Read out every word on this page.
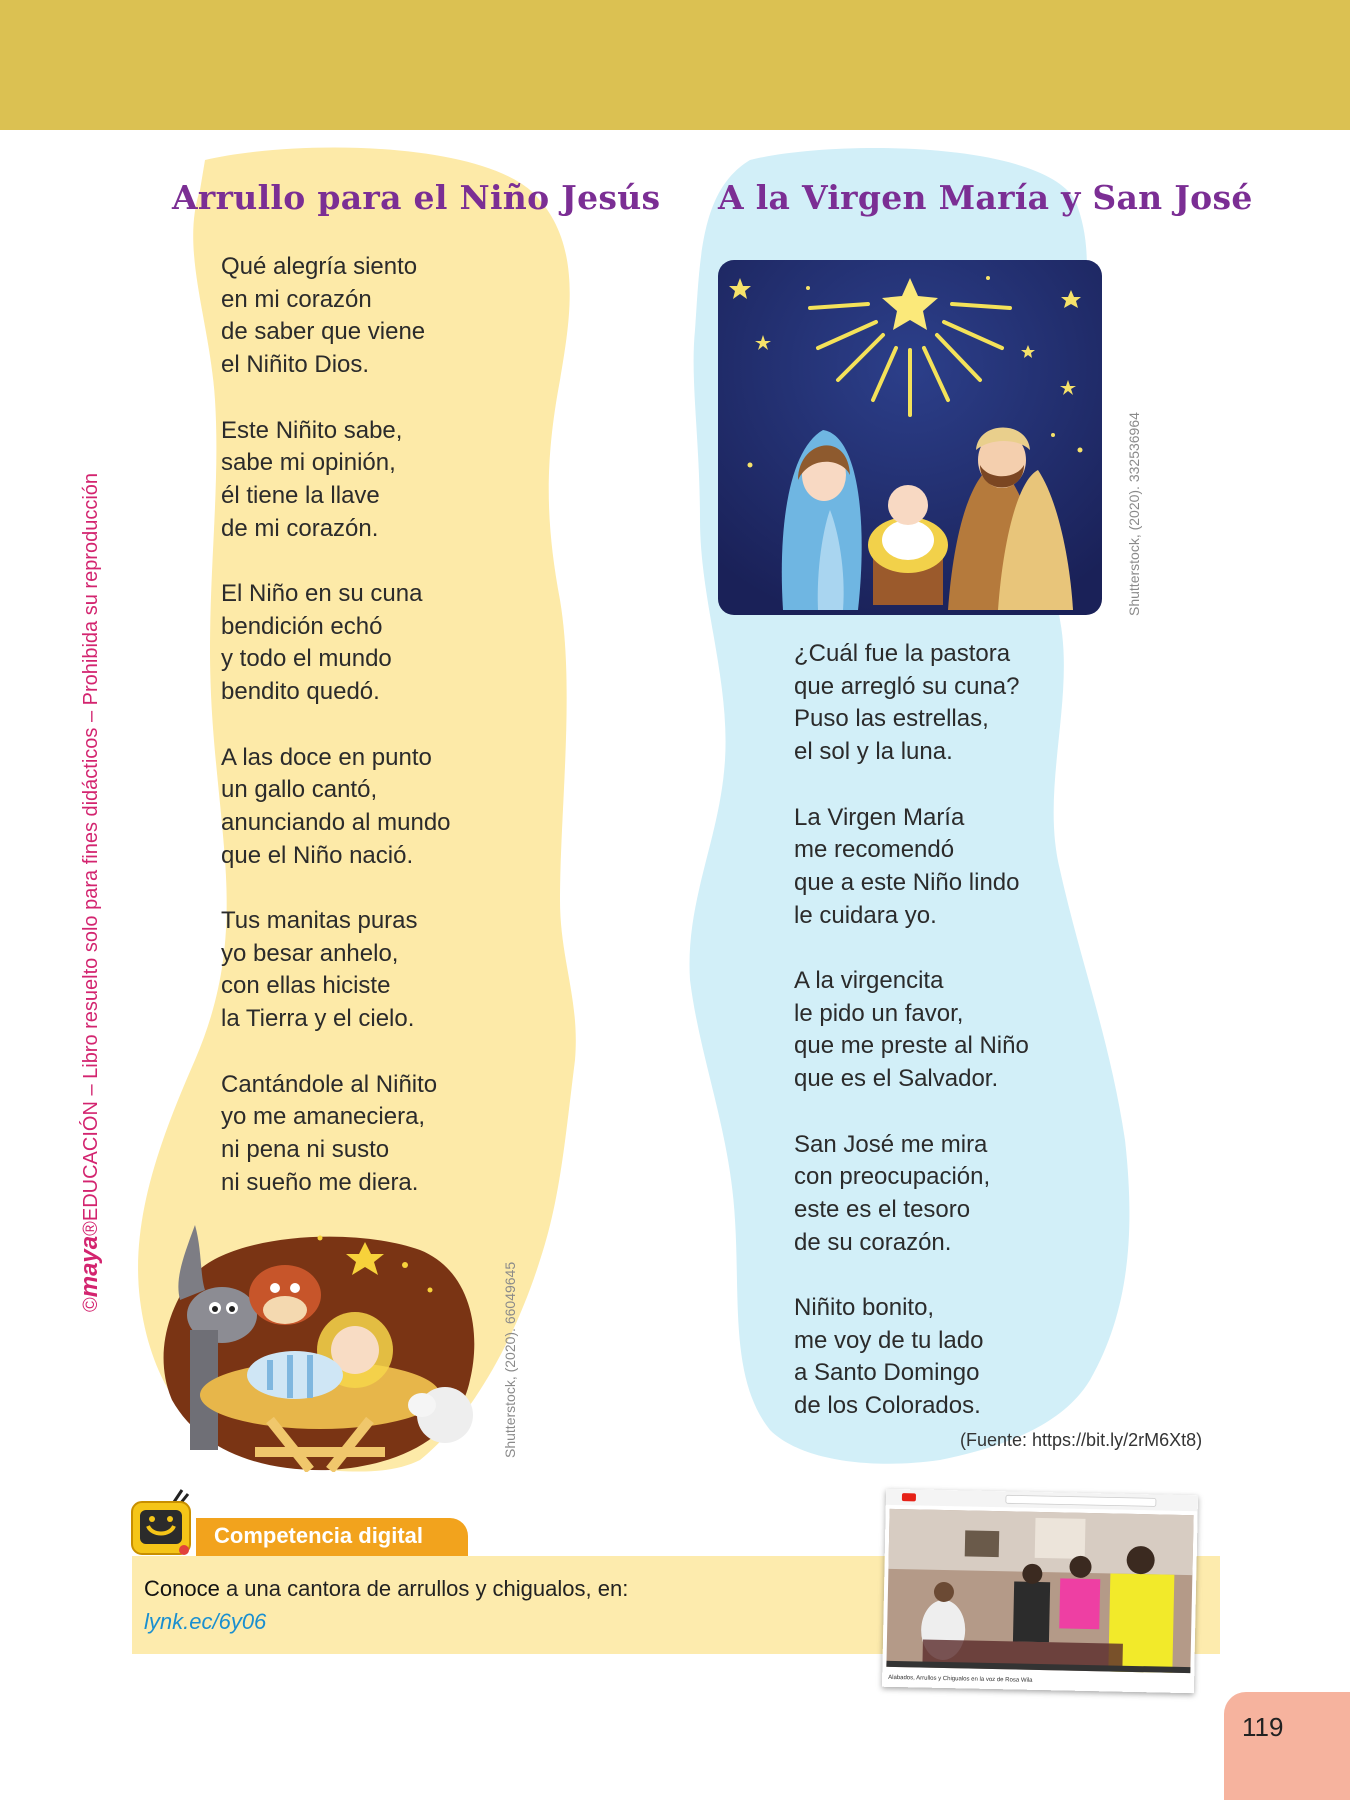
©maya®EDUCACIÓN – Libro resuelto solo para fines didácticos – Prohibida su reproducción
Arrullo para el Niño Jesús
Qué alegría siento
en mi corazón
de saber que viene
el Niñito Dios.
Este Niñito sabe,
sabe mi opinión,
él tiene la llave
de mi corazón.
El Niño en su cuna
bendición echó
y todo el mundo
bendito quedó.
A las doce en punto
un gallo cantó,
anunciando al mundo
que el Niño nació.
Tus manitas puras
yo besar anhelo,
con ellas hiciste
la Tierra y el cielo.
Cantándole al Niñito
yo me amaneciera,
ni pena ni susto
ni sueño me diera.
A la Virgen María y San José
Shutterstock, (2020). 332536964
¿Cuál fue la pastora
que arregló su cuna?
Puso las estrellas,
el sol y la luna.
La Virgen María
me recomendó
que a este Niño lindo
le cuidara yo.
A la virgencita
le pido un favor,
que me preste al Niño
que es el Salvador.
San José me mira
con preocupación,
este es el tesoro
de su corazón.
Niñito bonito,
me voy de tu lado
a Santo Domingo
de los Colorados.
(Fuente: https://bit.ly/2rM6Xt8)
Shutterstock, (2020). 66049645
Competencia digital
Conoce a una cantora de arrullos y chigualos, en:
lynk.ec/6y06
Alabados, Arrullos y Chigualos en la voz de Rosa Wila
119
